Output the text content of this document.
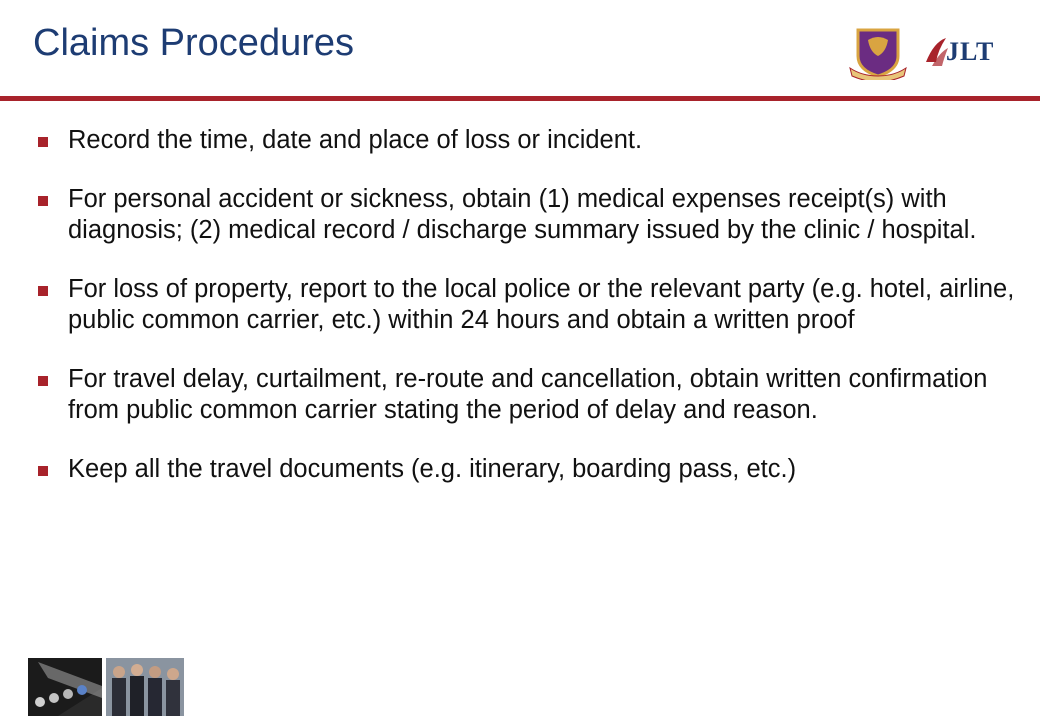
Claims Procedures	JLT
Record the time, date and place of loss or incident.
For personal accident or sickness, obtain (1) medical expenses receipt(s) with diagnosis; (2) medical record / discharge summary issued by the clinic / hospital.
For loss of property, report to the local police or the relevant party (e.g. hotel, airline, public common carrier, etc.) within 24 hours and obtain a written proof
For travel delay, curtailment, re-route and cancellation, obtain written confirmation from public common carrier stating the period of delay and reason.
Keep all the travel documents (e.g. itinerary, boarding pass, etc.)
